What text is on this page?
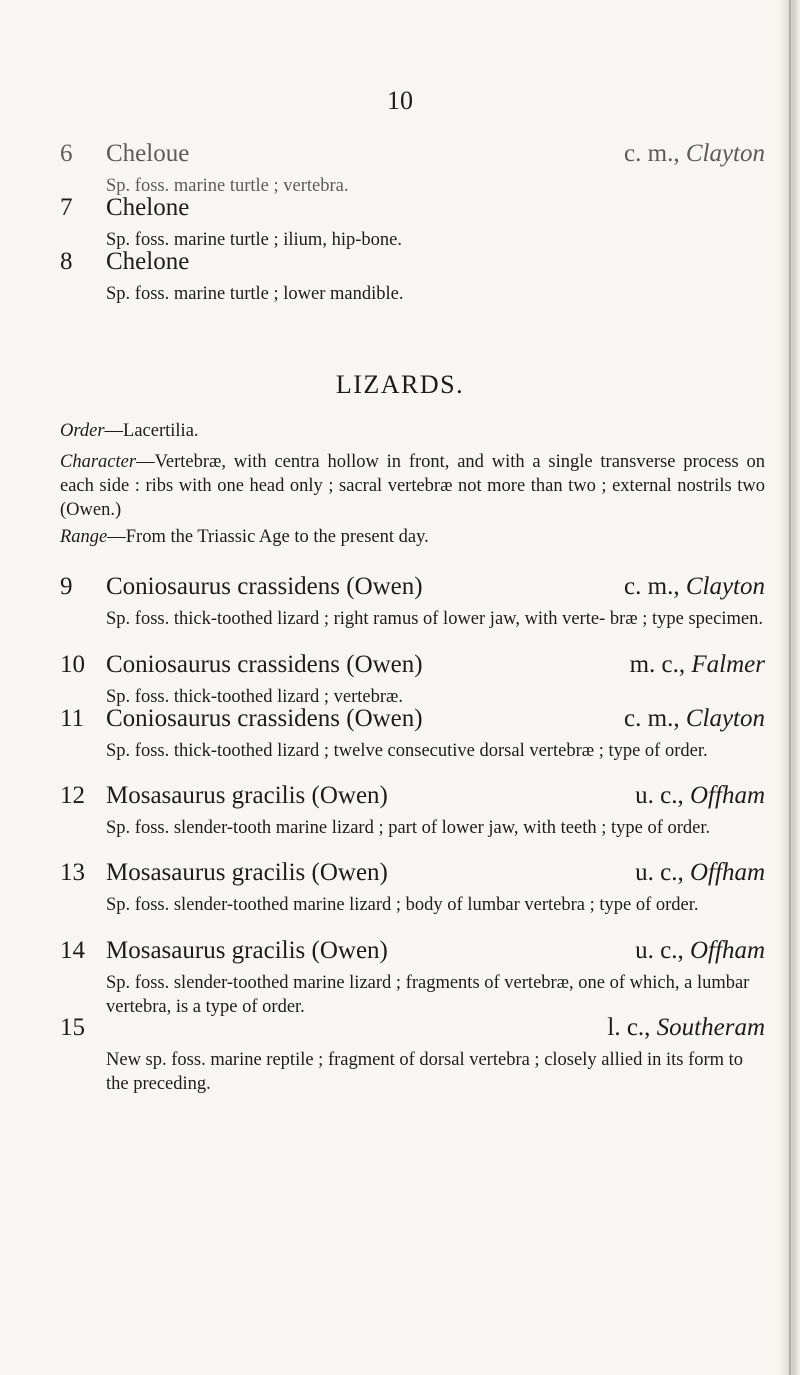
10
6	Cheloue	c. m., Clayton
Sp. foss. marine turtle ; vertebra.
7	Chelone
Sp. foss. marine turtle ; ilium, hip-bone.
8	Chelone
Sp. foss. marine turtle ; lower mandible.
LIZARDS.
Order—Lacertilia.
Character—Vertebræ, with centra hollow in front, and with a single transverse process on each side : ribs with one head only ; sacral vertebræ not more than two ; external nostrils two (Owen.)
Range—From the Triassic Age to the present day.
9	Coniosaurus crassidens (Owen)	c. m., Clayton
Sp. foss. thick-toothed lizard ; right ramus of lower jaw, with verte- bræ ; type specimen.
10 Coniosaurus crassidens (Owen)	m. c., Falmer
Sp. foss. thick-toothed lizard ; vertebræ.
11 Coniosaurus crassidens (Owen)	c. m., Clayton
Sp. foss. thick-toothed lizard ; twelve consecutive dorsal vertebræ ; type of order.
12 Mosasaurus gracilis (Owen)	u. c., Offham
Sp. foss. slender-tooth marine lizard ; part of lower jaw, with teeth ; type of order.
13 Mosasaurus gracilis (Owen)	u. c., Offham
Sp. foss. slender-toothed marine lizard ; body of lumbar vertebra ; type of order.
14 Mosasaurus gracilis (Owen)	u. c., Offham
Sp. foss. slender-toothed marine lizard ; fragments of vertebræ, one of which, a lumbar vertebra, is a type of order.
15	l. c., Southeram
New sp. foss. marine reptile ; fragment of dorsal vertebra ; closely allied in its form to the preceding.
